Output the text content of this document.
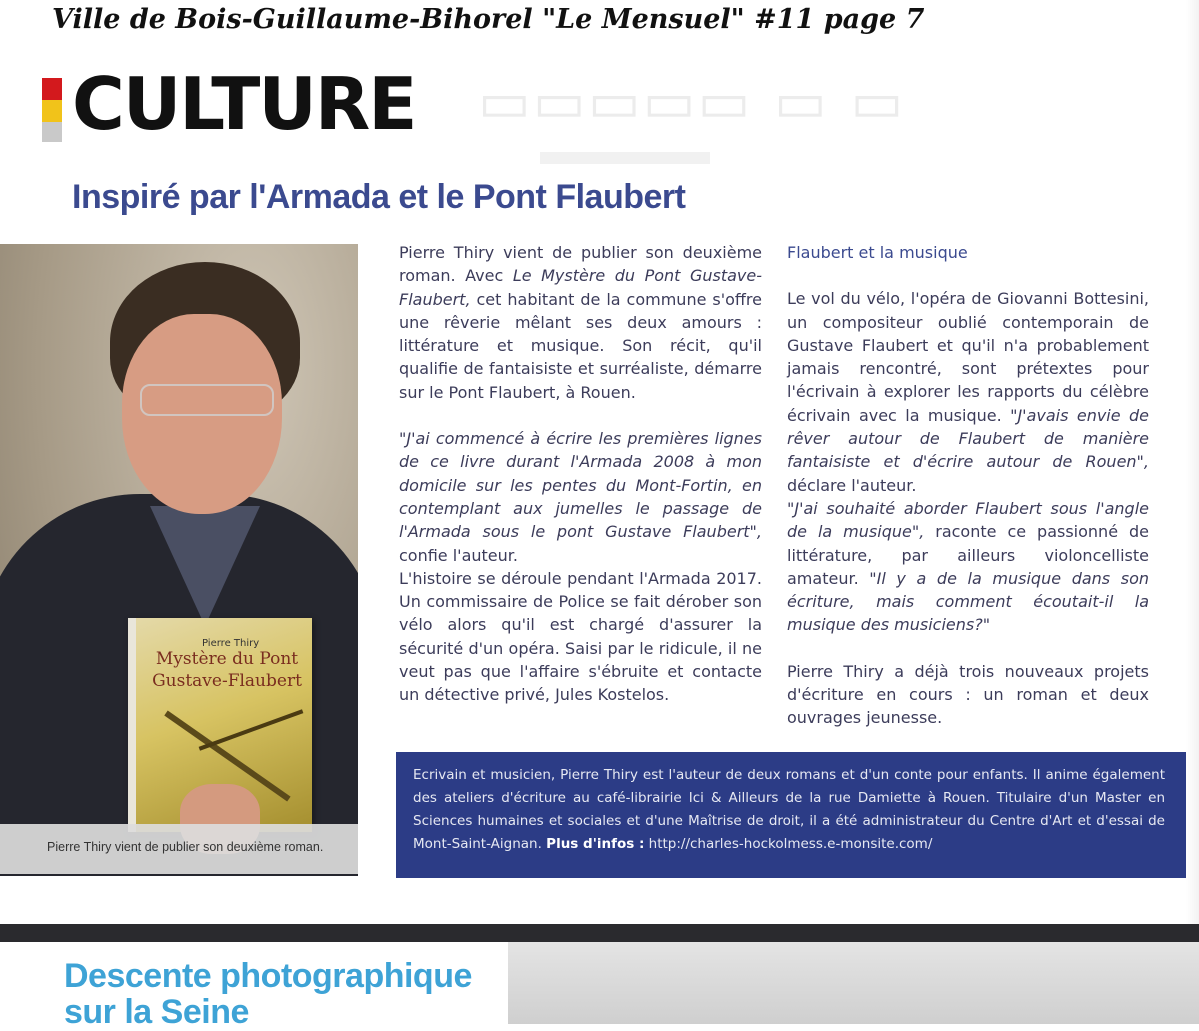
Ville de Bois-Guillaume-Bihorel "Le Mensuel" #11 page 7
CULTURE ▭▭▭▭▭ ▭ ▭
Inspiré par l'Armada et le Pont Flaubert
Pierre Thiry
Mystère du Pont Gustave-Flaubert
Pierre Thiry vient de publier son deuxième roman.

Pierre Thiry vient de publier son deuxième roman. Avec Le Mystère du Pont Gustave-Flaubert, cet habitant de la commune s'offre une rêverie mêlant ses deux amours : littérature et musique. Son récit, qu'il qualifie de fantaisiste et surréaliste, démarre sur le Pont Flaubert, à Rouen.

"J'ai commencé à écrire les premières lignes de ce livre durant l'Armada 2008 à mon domicile sur les pentes du Mont-Fortin, en contemplant aux jumelles le passage de l'Armada sous le pont Gustave Flaubert", confie l'auteur.

L'histoire se déroule pendant l'Armada 2017. Un commissaire de Police se fait dérober son vélo alors qu'il est chargé d'assurer la sécurité d'un opéra. Saisi par le ridicule, il ne veut pas que l'affaire s'ébruite et contacte un détective privé, Jules Kostelos.

Flaubert et la musique

Le vol du vélo, l'opéra de Giovanni Bottesini, un compositeur oublié contemporain de Gustave Flaubert et qu'il n'a probablement jamais rencontré, sont prétextes pour l'écrivain à explorer les rapports du célèbre écrivain avec la musique. "J'avais envie de rêver autour de Flaubert de manière fantaisiste et d'écrire autour de Rouen", déclare l'auteur.

"J'ai souhaité aborder Flaubert sous l'angle de la musique", raconte ce passionné de littérature, par ailleurs violoncelliste amateur. "Il y a de la musique dans son écriture, mais comment écoutait-il la musique des musiciens?"

Pierre Thiry a déjà trois nouveaux projets d'écriture en cours : un roman et deux ouvrages jeunesse.

Ecrivain et musicien, Pierre Thiry est l'auteur de deux romans et d'un conte pour enfants. Il anime également des ateliers d'écriture au café-librairie Ici & Ailleurs de la rue Damiette à Rouen. Titulaire d'un Master en Sciences humaines et sociales et d'une Maîtrise de droit, il a été administrateur du Centre d'Art et d'essai de Mont-Saint-Aignan. Plus d'infos : http://charles-hockolmess.e-monsite.com/

Descente photographique
sur la Seine
